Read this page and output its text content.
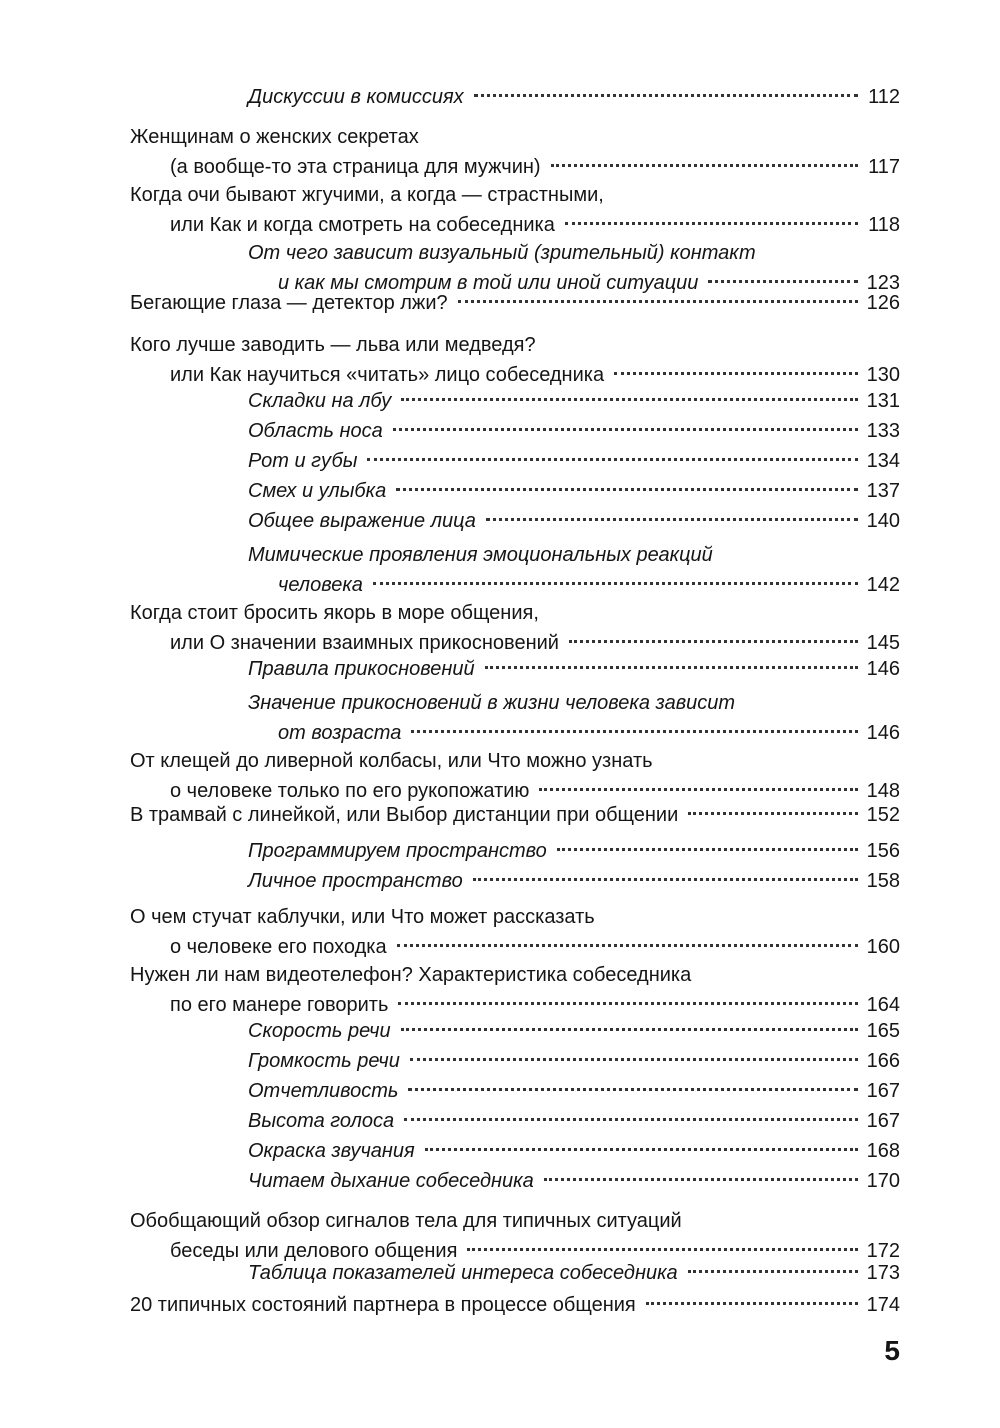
Дискуссии в комиссиях	112
Женщинам о женских секретах
(а вообще-то эта страница для мужчин)	117
Когда очи бывают жгучими, а когда — страстными,
или Как и когда смотреть на собеседника	118
От чего зависит визуальный (зрительный) контакт
и как мы смотрим в той или иной ситуации	123
Бегающие глаза — детектор лжи?	126
Кого лучше заводить — льва или медведя?
или Как научиться «читать» лицо собеседника	130
Складки на лбу	131
Область носа	133
Рот и губы	134
Смех и улыбка	137
Общее выражение лица	140
Мимические проявления эмоциональных реакций
человека	142
Когда стоит бросить якорь в море общения,
или О значении взаимных прикосновений	145
Правила прикосновений	146
Значение прикосновений в жизни человека зависит
от возраста	146
От клещей до ливерной колбасы, или Что можно узнать
о человеке только по его рукопожатию	148
В трамвай с линейкой, или Выбор дистанции при общении	152
Программируем пространство	156
Личное пространство	158
О чем стучат каблучки, или Что может рассказать
о человеке его походка	160
Нужен ли нам видеотелефон? Характеристика собеседника
по его манере говорить	164
Скорость речи	165
Громкость речи	166
Отчетливость	167
Высота голоса	167
Окраска звучания	168
Читаем дыхание собеседника	170
Обобщающий обзор сигналов тела для типичных ситуаций
беседы или делового общения	172
Таблица показателей интереса собеседника	173
20 типичных состояний партнера в процессе общения	174
5
